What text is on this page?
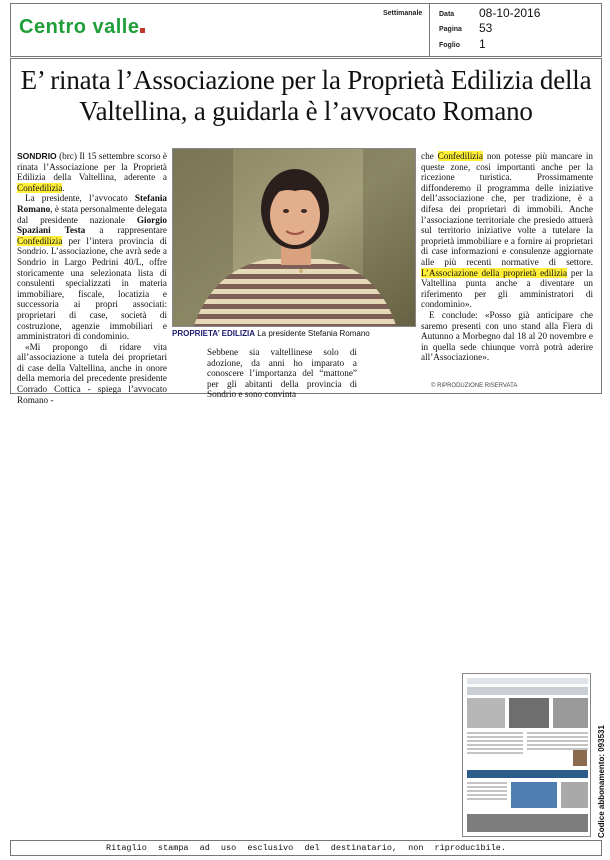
Centro valle
Settimanale Data	08-10-2016
Pagina	53
Foglio	1
E’ rinata l’Associazione per la Proprietà Edilizia della Valtellina, a guidarla è l’avvocato Romano

SONDRIO (brc) Il 15 settembre scorso è rinata l’Associazione per la Proprietà Edilizia della Valtellina, aderente a Confedilizia.

La presidente, l’avvocato Stefania Romano, è stata personalmente delegata dal presidente nazionale Giorgio Spaziani Testa a rappresentare Confedilizia per l’intera provincia di Sondrio. L’associazione, che avrà sede a Sondrio in Largo Pedrini 40/L, offre storicamente una selezionata lista di consulenti specializzati in materia immobiliare, fiscale, locatizia e successoria ai propri associati: proprietari di case, società di costruzione, agenzie immobiliari e amministratori di condominio.

«Mi propongo di ridare vita all’associazione a tutela dei proprietari di case della Valtellina, anche in onore della memoria del precedente presidente Corrado Cottica - spiega l’avvocato Romano -

PROPRIETA’ EDILIZIA La presidente Stefania Romano

Sebbene sia valtellinese solo di adozione, da anni ho imparato a conoscere l’importanza del “mattone” per gli abitanti della provincia di Sondrio e sono convinta

che Confedilizia non potesse più mancare in queste zone, così importanti anche per la ricezione turistica. Prossimamente diffonderemo il programma delle iniziative dell’associazione che, per tradizione, è a difesa dei proprietari di immobili. Anche l’associazione territoriale che presiedo attuerà sul territorio iniziative volte a tutelare la proprietà immobiliare e a fornire ai proprietari di case informazioni e consulenze aggiornate alle più recenti normative di settore. L’Associazione della proprietà edilizia per la Valtellina punta anche a diventare un riferimento per gli amministratori di condominio».

E conclude: «Posso già anticipare che saremo presenti con uno stand alla Fiera di Autunno a Morbegno dal 18 al 20 novembre e in quella sede chiunque vorrà potrà aderire all’Associazione».

© RIPRODUZIONE RISERVATA
Codice abbonamento: 093531
Ritaglio stampa ad uso esclusivo del destinatario, non riproducibile.
